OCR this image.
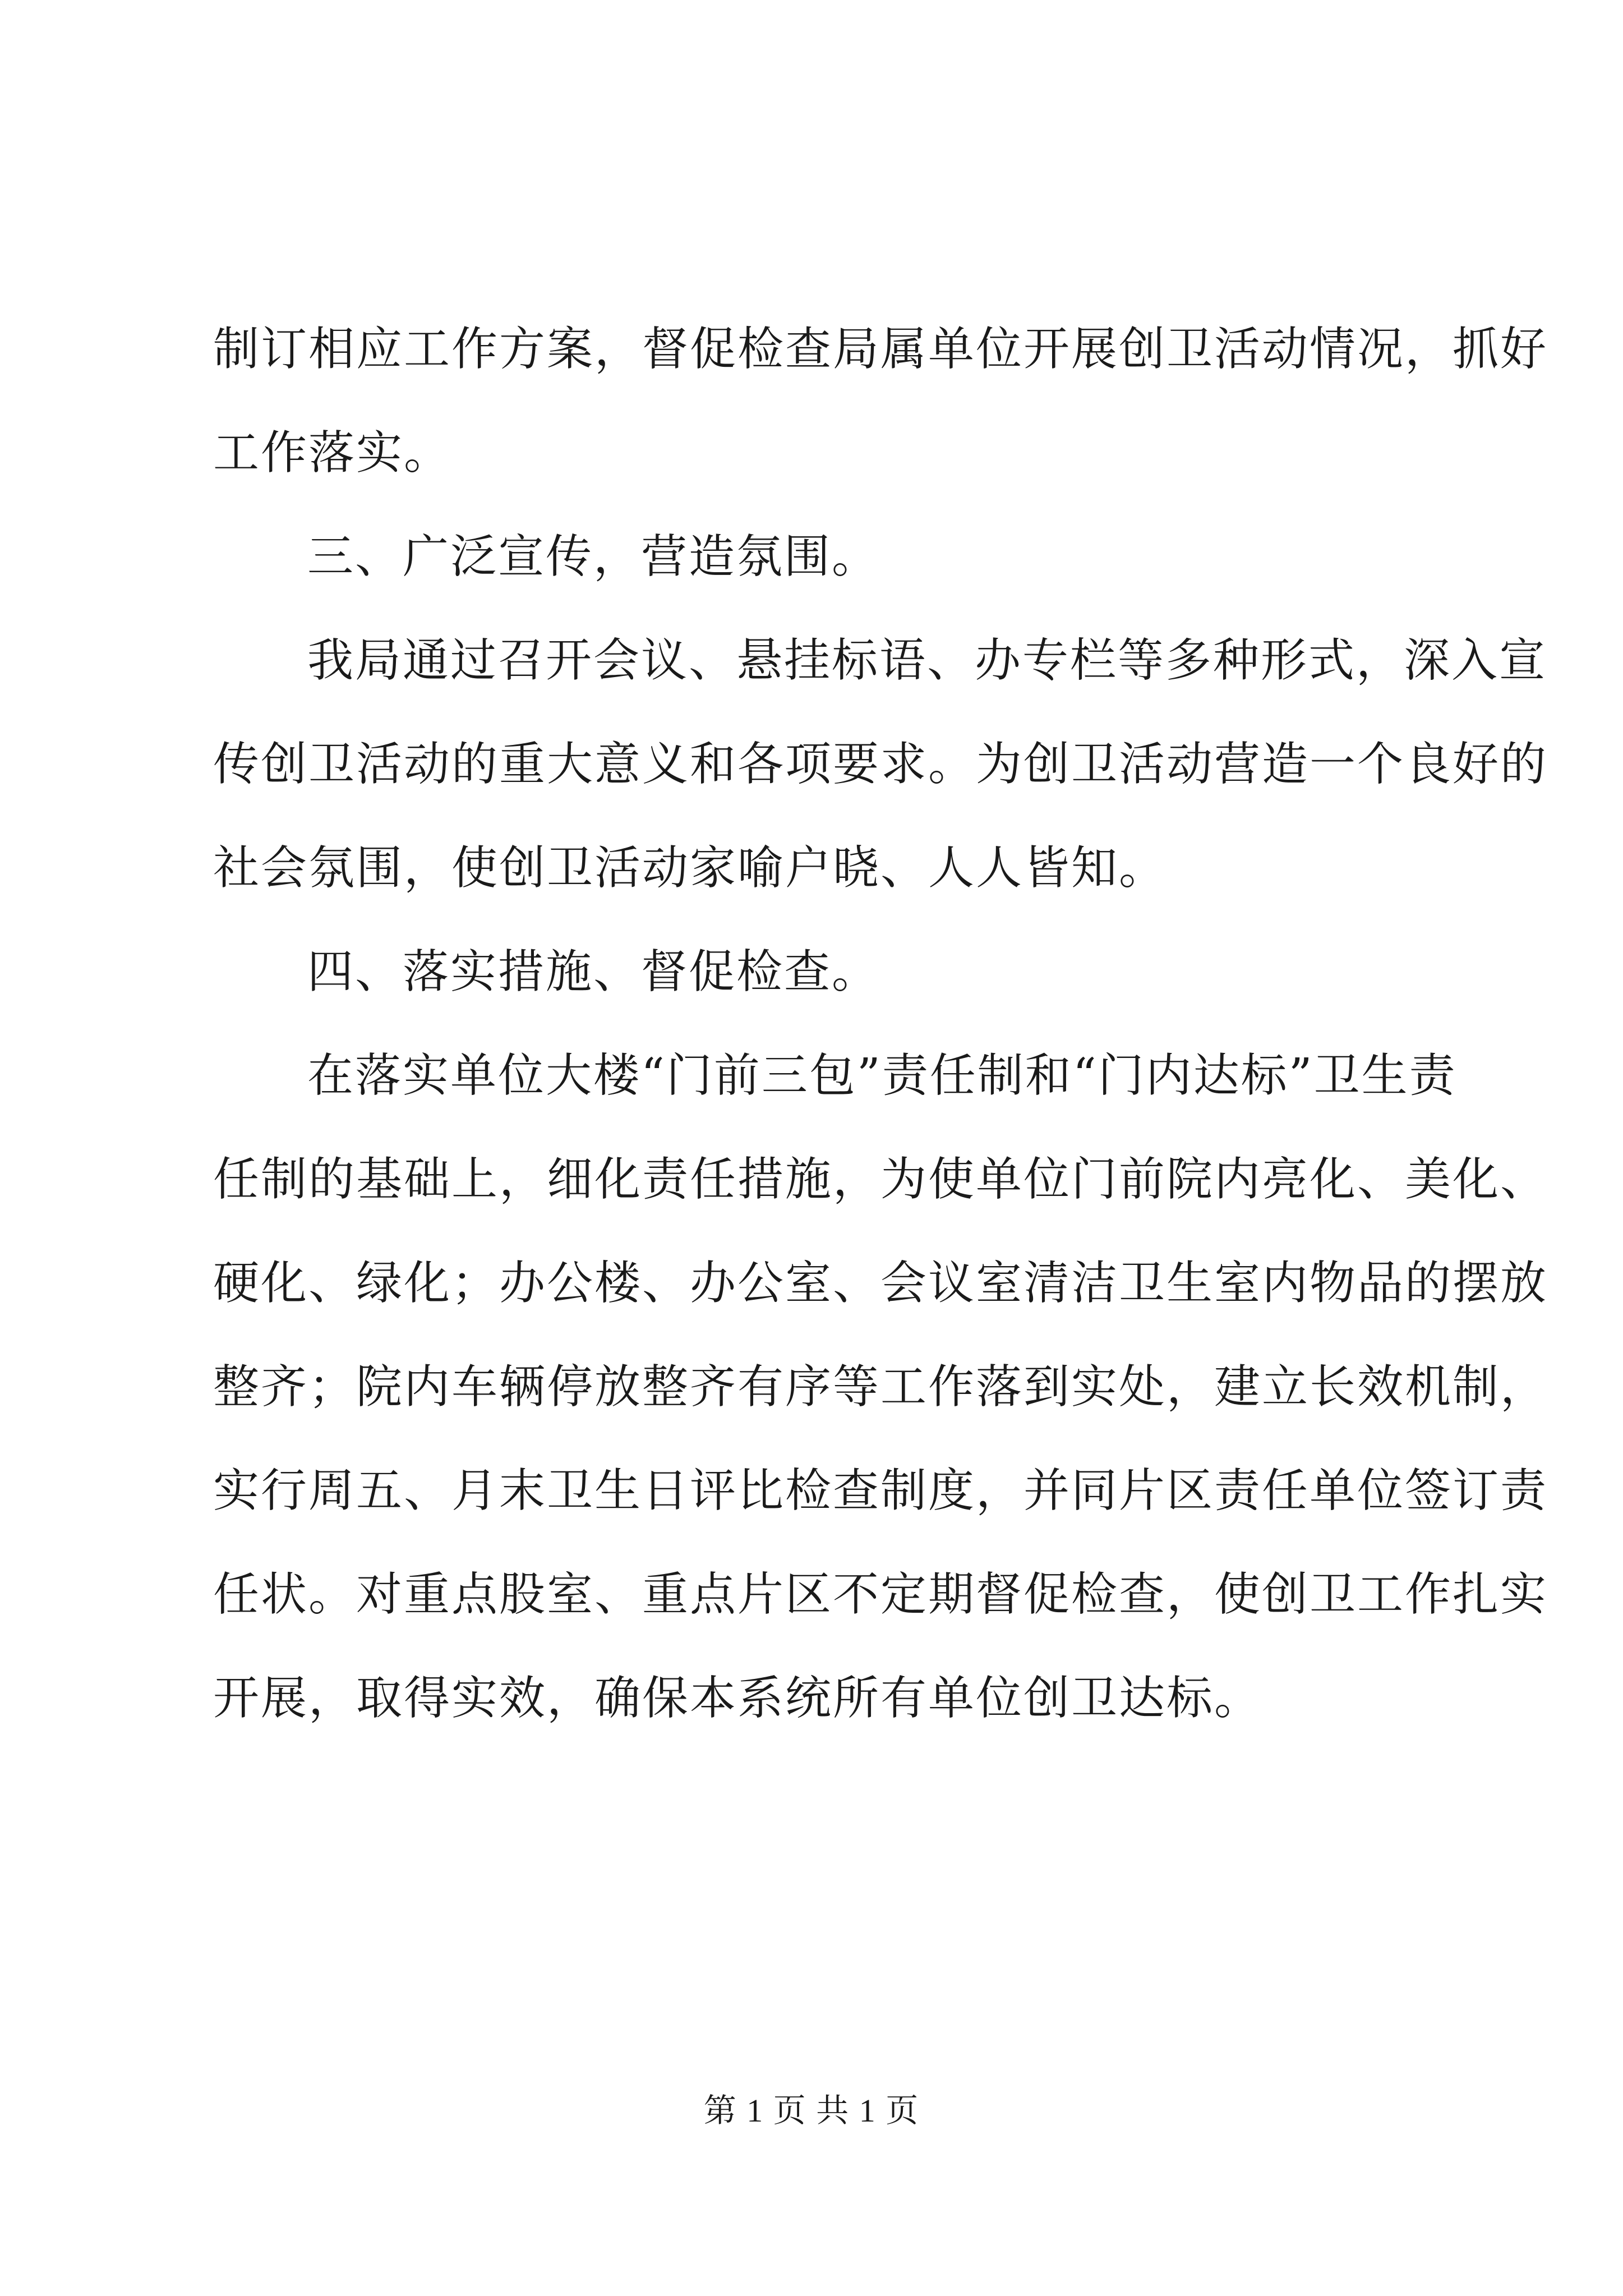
制订相应工作方案，督促检查局属单位开展创卫活动情况，抓好
工作落实。
三、广泛宣传，营造氛围。
我局通过召开会议、悬挂标语、办专栏等多种形式，深入宣
传创卫活动的重大意义和各项要求。为创卫活动营造一个良好的
社会氛围，使创卫活动家喻户晓、人人皆知。
四、落实措施、督促检查。
在落实单位大楼“门前三包”责任制和“门内达标”卫生责
任制的基础上，细化责任措施，为使单位门前院内亮化、美化、
硬化、绿化；办公楼、办公室、会议室清洁卫生室内物品的摆放
整齐；院内车辆停放整齐有序等工作落到实处，建立长效机制，
实行周五、月末卫生日评比检查制度，并同片区责任单位签订责
任状。对重点股室、重点片区不定期督促检查，使创卫工作扎实
开展，取得实效，确保本系统所有单位创卫达标。
第 1 页 共 1 页
